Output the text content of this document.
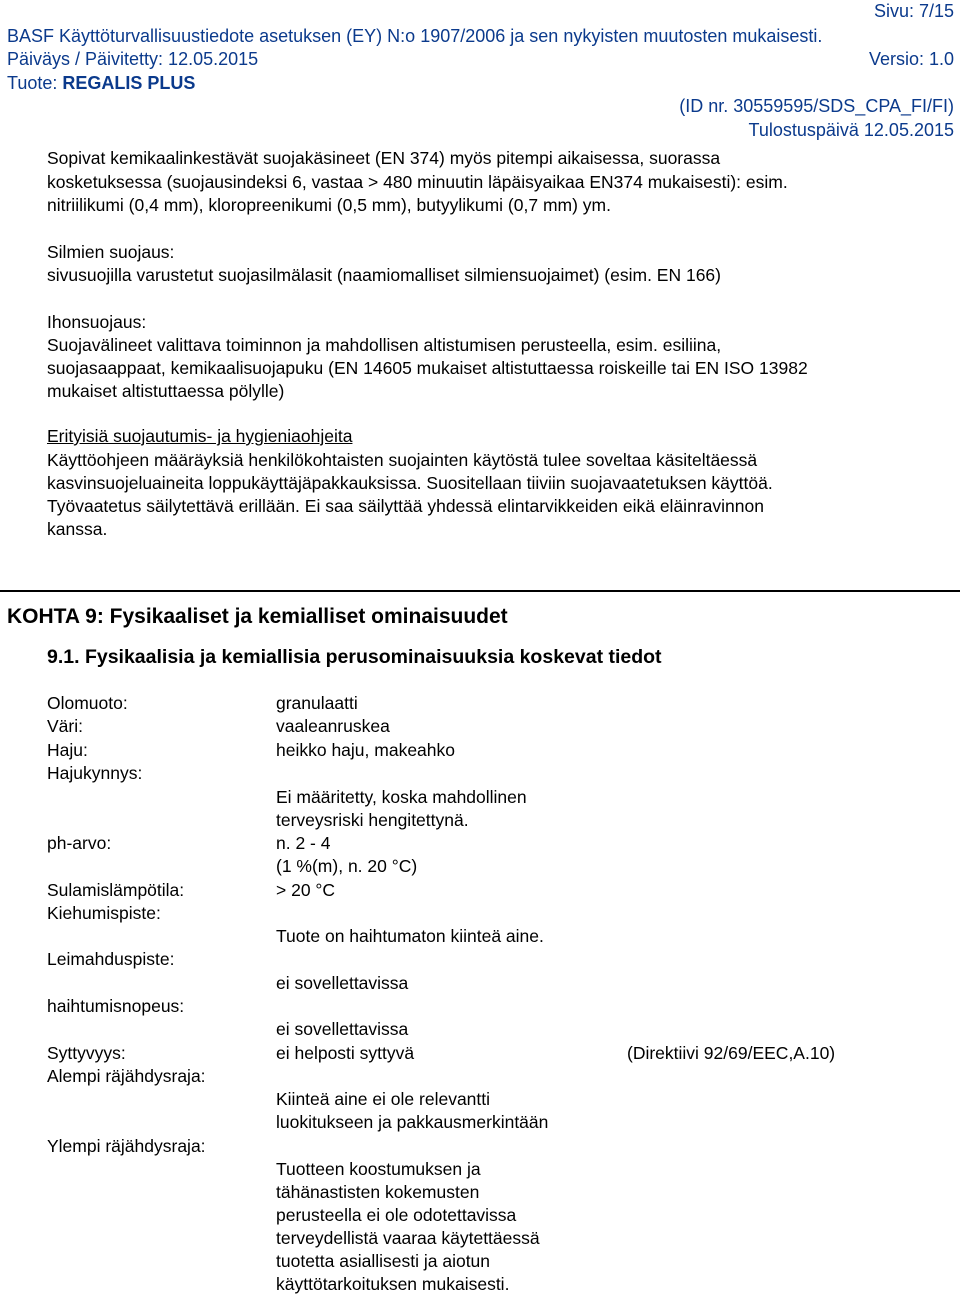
Sivu: 7/15
BASF Käyttöturvallisuustiedote asetuksen (EY) N:o 1907/2006 ja sen nykyisten muutosten mukaisesti.
Päiväys / Päivitetty: 12.05.2015	Versio: 1.0
Tuote: REGALIS PLUS
(ID nr. 30559595/SDS_CPA_FI/FI)
Tulostuspäivä 12.05.2015
Sopivat kemikaalinkestävät suojakäsineet (EN 374) myös pitempi aikaisessa, suorassa
kosketuksessa (suojausindeksi 6, vastaa > 480 minuutin läpäisyaikaa EN374 mukaisesti): esim.
nitriilikumi (0,4 mm), kloropreenikumi (0,5 mm), butyylikumi (0,7 mm) ym.
Silmien suojaus:
sivusuojilla varustetut suojasilmälasit (naamiomalliset silmiensuojaimet) (esim. EN 166)
Ihonsuojaus:
Suojavälineet valittava toiminnon ja mahdollisen altistumisen perusteella, esim. esiliina,
suojasaappaat, kemikaalisuojapuku (EN 14605 mukaiset altistuttaessa roiskeille tai EN ISO 13982
mukaiset altistuttaessa pölylle)
Erityisiä suojautumis- ja hygieniaohjeita
Käyttöohjeen määräyksiä henkilökohtaisten suojainten käytöstä tulee soveltaa käsiteltäessä
kasvinsuojeluaineita loppukäyttäjäpakkauksissa. Suositellaan tiiviin suojavaatetuksen käyttöä.
Työvaatetus säilytettävä erillään. Ei saa säilyttää yhdessä elintarvikkeiden eikä eläinravinnon
kanssa.
KOHTA 9: Fysikaaliset ja kemialliset ominaisuudet
9.1. Fysikaalisia ja kemiallisia perusominaisuuksia koskevat tiedot
Olomuoto:
Väri:
Haju:
Hajukynnys:
ph-arvo:
Sulamislämpötila:
Kiehumispiste:
Leimahduspiste:
haihtumisnopeus:
Syttyvyys:
Alempi räjähdysraja:
Ylempi räjähdysraja:
granulaatti
vaaleanruskea
heikko haju, makeahko
Ei määritetty, koska mahdollinen
terveysriski hengitettynä.
n. 2 - 4
(1 %(m), n. 20 °C)
> 20 °C
Tuote on haihtumaton kiinteä aine.
ei sovellettavissa
ei sovellettavissa
ei helposti syttyvä	(Direktiivi 92/69/EEC,A.10)
Kiinteä aine ei ole relevantti
luokitukseen ja pakkausmerkintään
Tuotteen koostumuksen ja
tähänastisten kokemusten
perusteella ei ole odotettavissa
terveydellistä vaaraa käytettäessä
tuotetta asiallisesti ja aiotun
käyttötarkoituksen mukaisesti.
